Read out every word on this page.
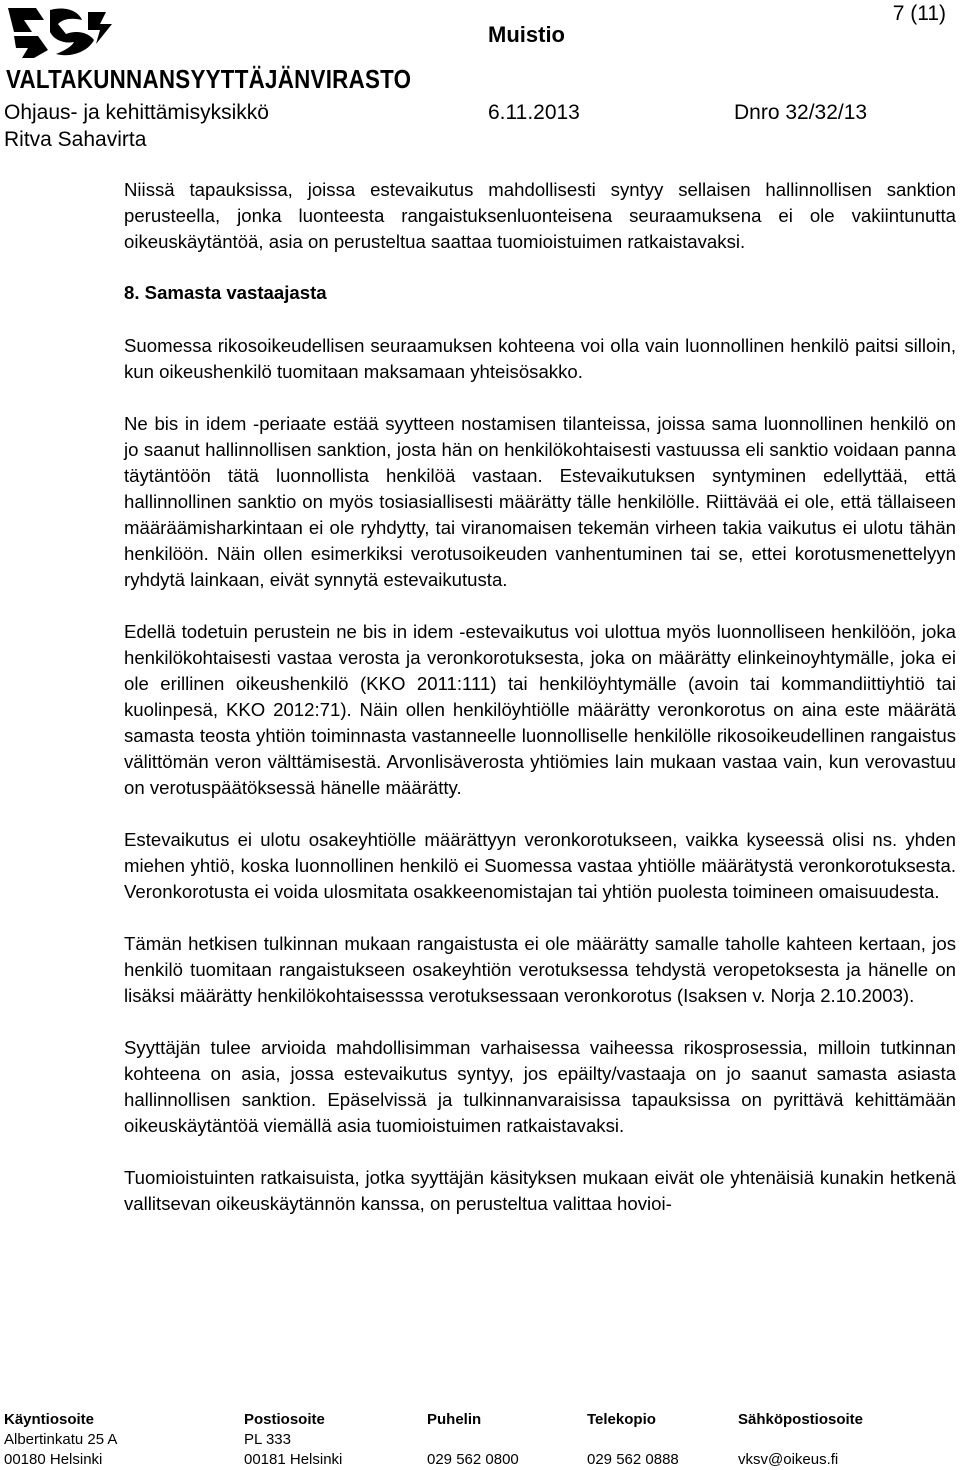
VALTAKUNNANSYYTTÄJÄNVIRASTO
Muistio
7 (11)
Ohjaus- ja kehittämisyksikkö	6.11.2013	Dnro 32/32/13
Ritva Sahavirta

Niissä tapauksissa, joissa estevaikutus mahdollisesti syntyy sellaisen hallinnollisen sanktion perusteella, jonka luonteesta rangaistuksenluonteisena seuraamuksena ei ole vakiintunutta oikeuskäytäntöä, asia on perusteltua saattaa tuomioistuimen ratkaistavaksi.

8. Samasta vastaajasta

Suomessa rikosoikeudellisen seuraamuksen kohteena voi olla vain luonnollinen henkilö paitsi silloin, kun oikeushenkilö tuomitaan maksamaan yhteisösakko.

Ne bis in idem -periaate estää syytteen nostamisen tilanteissa, joissa sama luonnollinen henkilö on jo saanut hallinnollisen sanktion, josta hän on henkilökohtaisesti vastuussa eli sanktio voidaan panna täytäntöön tätä luonnollista henkilöä vastaan. Estevaikutuksen syntyminen edellyttää, että hallinnollinen sanktio on myös tosiasiallisesti määrätty tälle henkilölle. Riittävää ei ole, että tällaiseen määräämisharkintaan ei ole ryhdytty, tai viranomaisen tekemän virheen takia vaikutus ei ulotu tähän henkilöön. Näin ollen esimerkiksi verotusoikeuden vanhentuminen tai se, ettei korotusmenettelyyn ryhdytä lainkaan, eivät synnytä estevaikutusta.

Edellä todetuin perustein ne bis in idem -estevaikutus voi ulottua myös luonnolliseen henkilöön, joka henkilökohtaisesti vastaa verosta ja veronkorotuksesta, joka on määrätty elinkeinoyhtymälle, joka ei ole erillinen oikeushenkilö (KKO 2011:111) tai henkilöyhtymälle (avoin tai kommandiittiyhtiö tai kuolinpesä, KKO 2012:71). Näin ollen henkilöyhtiölle määrätty veronkorotus on aina este määrätä samasta teosta yhtiön toiminnasta vastanneelle luonnolliselle henkilölle rikosoikeudellinen rangaistus välittömän veron välttämisestä. Arvonlisäverosta yhtiömies lain mukaan vastaa vain, kun verovastuu on verotuspäätöksessä hänelle määrätty.

Estevaikutus ei ulotu osakeyhtiölle määrättyyn veronkorotukseen, vaikka kyseessä olisi ns. yhden miehen yhtiö, koska luonnollinen henkilö ei Suomessa vastaa yhtiölle määrätystä veronkorotuksesta. Veronkorotusta ei voida ulosmitata osakkeenomistajan tai yhtiön puolesta toimineen omaisuudesta.

Tämän hetkisen tulkinnan mukaan rangaistusta ei ole määrätty samalle taholle kahteen kertaan, jos henkilö tuomitaan rangaistukseen osakeyhtiön verotuksessa tehdystä veropetoksesta ja hänelle on lisäksi määrätty henkilökohtaisesssa verotuksessaan veronkorotus (Isaksen v. Norja 2.10.2003).

Syyttäjän tulee arvioida mahdollisimman varhaisessa vaiheessa rikosprosessia, milloin tutkinnan kohteena on asia, jossa estevaikutus syntyy, jos epäilty/vastaaja on jo saanut samasta asiasta hallinnollisen sanktion. Epäselvissä ja tulkinnanvaraisissa tapauksissa on pyrittävä kehittämään oikeuskäytäntöä viemällä asia tuomioistuimen ratkaistavaksi.

Tuomioistuinten ratkaisuista, jotka syyttäjän käsityksen mukaan eivät ole yhtenäisiä kunakin hetkenä vallitsevan oikeuskäytännön kanssa, on perusteltua valittaa hovioi-

Käyntiosoite
Albertinkatu 25 A
00180 Helsinki
Postiosoite
PL 333
00181 Helsinki
Puhelin

029 562 0800
Telekopio

029 562 0888
Sähköpostiosoite

vksv@oikeus.fi
